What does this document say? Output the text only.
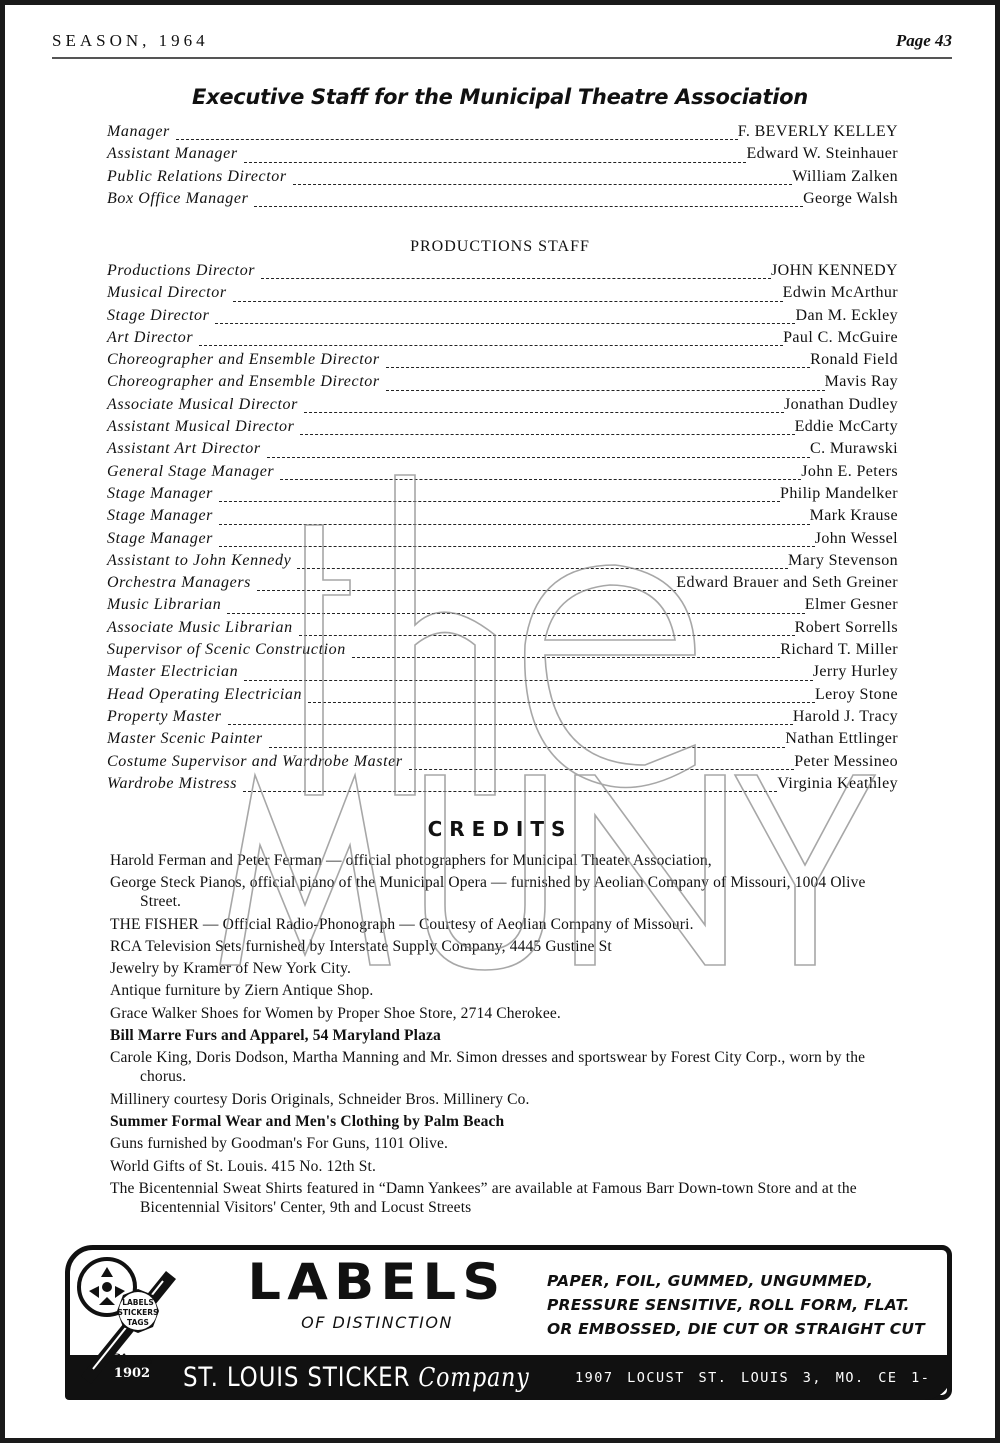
SEASON, 1964	Page 43
Executive Staff for the Municipal Theatre Association
Manager	F. BEVERLY KELLEY
Assistant Manager	Edward W. Steinhauer
Public Relations Director	William Zalken
Box Office Manager	George Walsh
PRODUCTIONS STAFF
Productions Director	JOHN KENNEDY
Musical Director	Edwin McArthur
Stage Director	Dan M. Eckley
Art Director	Paul C. McGuire
Choreographer and Ensemble Director	Ronald Field
Choreographer and Ensemble Director	Mavis Ray
Associate Musical Director	Jonathan Dudley
Assistant Musical Director	Eddie McCarty
Assistant Art Director	C. Murawski
General Stage Manager	John E. Peters
Stage Manager	Philip Mandelker
Stage Manager	Mark Krause
Stage Manager	John Wessel
Assistant to John Kennedy	Mary Stevenson
Orchestra Managers	Edward Brauer and Seth Greiner
Music Librarian	Elmer Gesner
Associate Music Librarian	Robert Sorrells
Supervisor of Scenic Construction	Richard T. Miller
Master Electrician	Jerry Hurley
Head Operating Electrician	Leroy Stone
Property Master	Harold J. Tracy
Master Scenic Painter	Nathan Ettlinger
Costume Supervisor and Wardrobe Master	Peter Messineo
Wardrobe Mistress	Virginia Keathley
CREDITS
Harold Ferman and Peter Ferman — official photographers for Municipal Theater Association,
George Steck Pianos, official piano of the Municipal Opera — furnished by Aeolian Company of Missouri, 1004 Olive Street.
THE FISHER — Official Radio-Phonograph — Courtesy of Aeolian Company of Missouri.
RCA Television Sets furnished by Interstate Supply Company, 4445 Gustine St
Jewelry by Kramer of New York City.
Antique furniture by Ziern Antique Shop.
Grace Walker Shoes for Women by Proper Shoe Store, 2714 Cherokee.
Bill Marre Furs and Apparel, 54 Maryland Plaza
Carole King, Doris Dodson, Martha Manning and Mr. Simon dresses and sportswear by Forest City Corp., worn by the chorus.
Millinery courtesy Doris Originals, Schneider Bros. Millinery Co.
Summer Formal Wear and Men's Clothing by Palm Beach
Guns furnished by Goodman's For Guns, 1101 Olive.
World Gifts of St. Louis. 415 No. 12th St.
The Bicentennial Sweat Shirts featured in “Damn Yankees” are available at Famous Barr Down-town Store and at the Bicentennial Visitors' Center, 9th and Locust Streets
LABELS
STICKERS
TAGS
Since
1902
LABELS
OF DISTINCTION
PAPER, FOIL, GUMMED, UNGUMMED,
PRESSURE SENSITIVE, ROLL FORM, FLAT.
OR EMBOSSED, DIE CUT OR STRAIGHT CUT
ST. LOUIS STICKER Company	1907 LOCUST ST. LOUIS 3, MO. CE 1-2964
